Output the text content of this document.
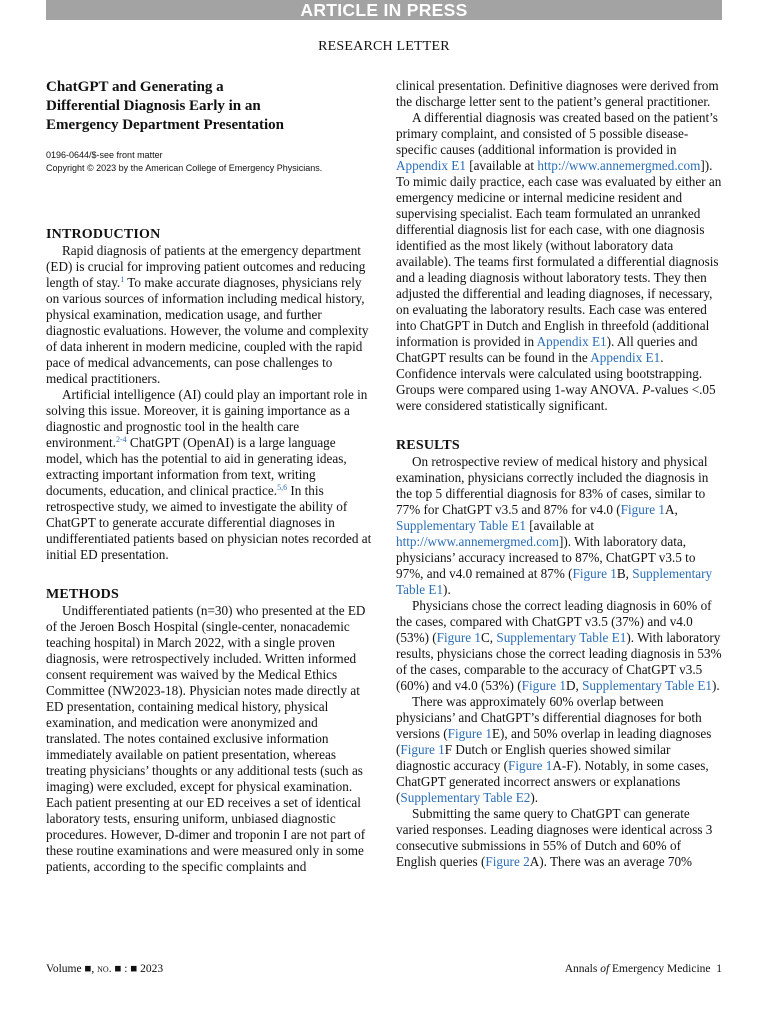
ARTICLE IN PRESS
RESEARCH LETTER
ChatGPT and Generating a
Differential Diagnosis Early in an
Emergency Department Presentation
0196-0644/$-see front matter
Copyright © 2023 by the American College of Emergency Physicians.
INTRODUCTION

Rapid diagnosis of patients at the emergency department (ED) is crucial for improving patient outcomes and reducing length of stay.$^1$ To make accurate diagnoses, physicians rely on various sources of information including medical history, physical examination, medication usage, and further diagnostic evaluations. However, the volume and complexity of data inherent in modern medicine, coupled with the rapid pace of medical advancements, can pose challenges to medical practitioners.

Artificial intelligence (AI) could play an important role in solving this issue. Moreover, it is gaining importance as a diagnostic and prognostic tool in the health care environment.$^{2-4}$ ChatGPT (OpenAI) is a large language model, which has the potential to aid in generating ideas, extracting important information from text, writing documents, education, and clinical practice.$^{5,6}$ In this retrospective study, we aimed to investigate the ability of ChatGPT to generate accurate differential diagnoses in undifferentiated patients based on physician notes recorded at initial ED presentation.

METHODS

Undifferentiated patients (n=30) who presented at the ED of the Jeroen Bosch Hospital (single-center, nonacademic teaching hospital) in March 2022, with a single proven diagnosis, were retrospectively included. Written informed consent requirement was waived by the Medical Ethics Committee (NW2023-18). Physician notes made directly at ED presentation, containing medical history, physical examination, and medication were anonymized and translated. The notes contained exclusive information immediately available on patient presentation, whereas treating physicians’ thoughts or any additional tests (such as imaging) were excluded, except for physical examination. Each patient presenting at our ED receives a set of identical laboratory tests, ensuring uniform, unbiased diagnostic procedures. However, D-dimer and troponin I are not part of these routine examinations and were measured only in some patients, according to the specific complaints and

clinical presentation. Definitive diagnoses were derived from the discharge letter sent to the patient’s general practitioner.

A differential diagnosis was created based on the patient’s primary complaint, and consisted of 5 possible disease-specific causes (additional information is provided in Appendix E1 [available at http://www.annemergmed.com]). To mimic daily practice, each case was evaluated by either an emergency medicine or internal medicine resident and supervising specialist. Each team formulated an unranked differential diagnosis list for each case, with one diagnosis identified as the most likely (without laboratory data available). The teams first formulated a differential diagnosis and a leading diagnosis without laboratory tests. They then adjusted the differential and leading diagnoses, if necessary, on evaluating the laboratory results. Each case was entered into ChatGPT in Dutch and English in threefold (additional information is provided in Appendix E1). All queries and ChatGPT results can be found in the Appendix E1. Confidence intervals were calculated using bootstrapping. Groups were compared using 1-way ANOVA. P-values <.05 were considered statistically significant.

RESULTS

On retrospective review of medical history and physical examination, physicians correctly included the diagnosis in the top 5 differential diagnosis for 83% of cases, similar to 77% for ChatGPT v3.5 and 87% for v4.0 (Figure 1A, Supplementary Table E1 [available at http://www.annemergmed.com]). With laboratory data, physicians’ accuracy increased to 87%, ChatGPT v3.5 to 97%, and v4.0 remained at 87% (Figure 1B, Supplementary Table E1).

Physicians chose the correct leading diagnosis in 60% of the cases, compared with ChatGPT v3.5 (37%) and v4.0 (53%) (Figure 1C, Supplementary Table E1). With laboratory results, physicians chose the correct leading diagnosis in 53% of the cases, comparable to the accuracy of ChatGPT v3.5 (60%) and v4.0 (53%) (Figure 1D, Supplementary Table E1).

There was approximately 60% overlap between physicians’ and ChatGPT’s differential diagnoses for both versions (Figure 1E), and 50% overlap in leading diagnoses (Figure 1F Dutch or English queries showed similar diagnostic accuracy (Figure 1A-F). Notably, in some cases, ChatGPT generated incorrect answers or explanations (Supplementary Table E2).

Submitting the same query to ChatGPT can generate varied responses. Leading diagnoses were identical across 3 consecutive submissions in 55% of Dutch and 60% of English queries (Figure 2A). There was an average 70%

Volume ■, no. ■ : ■ 2023	Annals of Emergency Medicine 1
